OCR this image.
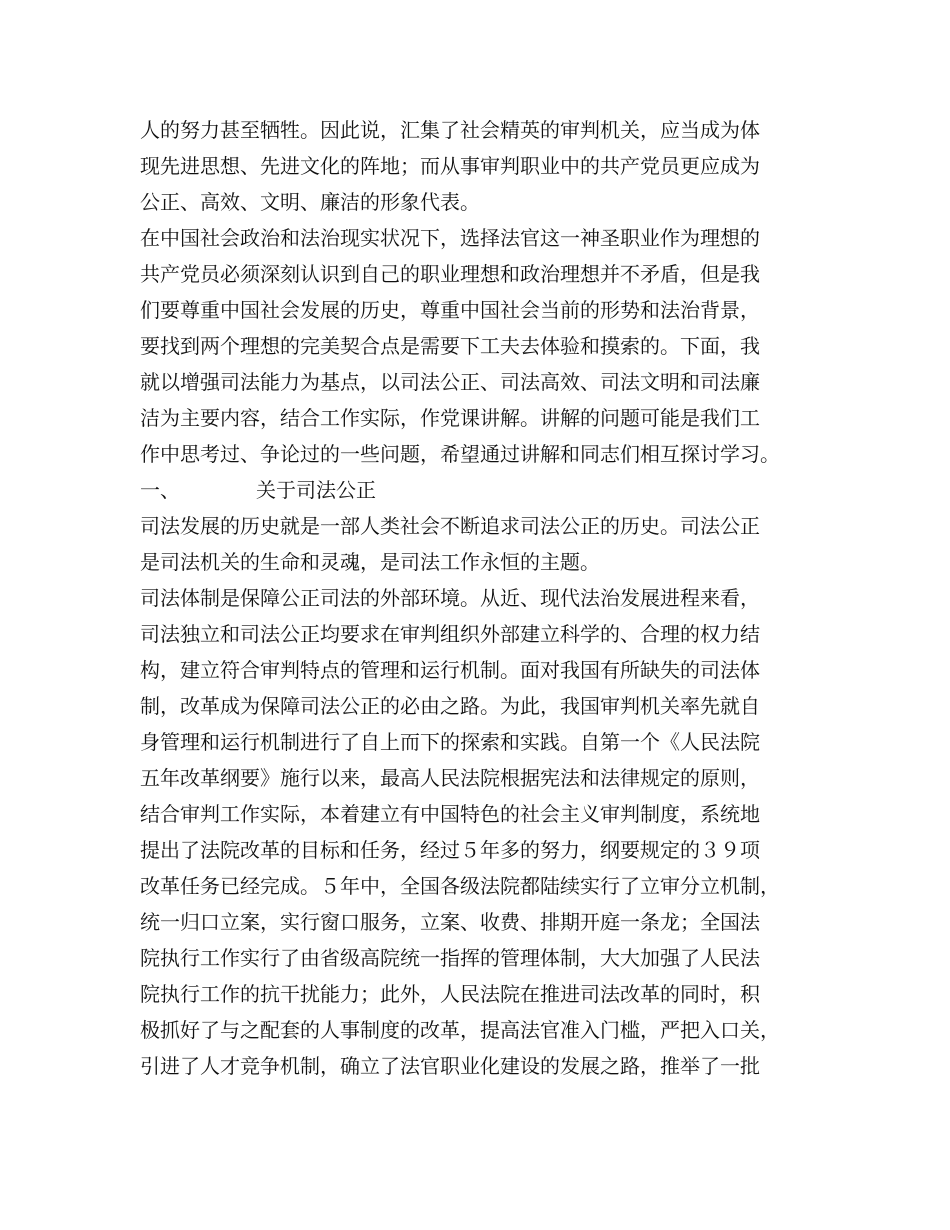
人的努力甚至牺牲。因此说，汇集了社会精英的审判机关，应当成为体
现先进思想、先进文化的阵地；而从事审判职业中的共产党员更应成为
公正、高效、文明、廉洁的形象代表。
在中国社会政治和法治现实状况下，选择法官这一神圣职业作为理想的
共产党员必须深刻认识到自己的职业理想和政治理想并不矛盾，但是我
们要尊重中国社会发展的历史，尊重中国社会当前的形势和法治背景，
要找到两个理想的完美契合点是需要下工夫去体验和摸索的。下面，我
就以增强司法能力为基点，以司法公正、司法高效、司法文明和司法廉
洁为主要内容，结合工作实际，作党课讲解。讲解的问题可能是我们工
作中思考过、争论过的一些问题，希望通过讲解和同志们相互探讨学习。
一、	关于司法公正
司法发展的历史就是一部人类社会不断追求司法公正的历史。司法公正
是司法机关的生命和灵魂，是司法工作永恒的主题。
司法体制是保障公正司法的外部环境。从近、现代法治发展进程来看，
司法独立和司法公正均要求在审判组织外部建立科学的、合理的权力结
构，建立符合审判特点的管理和运行机制。面对我国有所缺失的司法体
制，改革成为保障司法公正的必由之路。为此，我国审判机关率先就自
身管理和运行机制进行了自上而下的探索和实践。自第一个《人民法院
五年改革纲要》施行以来，最高人民法院根据宪法和法律规定的原则，
结合审判工作实际，本着建立有中国特色的社会主义审判制度，系统地
提出了法院改革的目标和任务，经过５年多的努力，纲要规定的３９项
改革任务已经完成。５年中，全国各级法院都陆续实行了立审分立机制，
统一归口立案，实行窗口服务，立案、收费、排期开庭一条龙；全国法
院执行工作实行了由省级高院统一指挥的管理体制，大大加强了人民法
院执行工作的抗干扰能力；此外，人民法院在推进司法改革的同时，积
极抓好了与之配套的人事制度的改革，提高法官准入门槛，严把入口关，
引进了人才竞争机制，确立了法官职业化建设的发展之路，推举了一批
